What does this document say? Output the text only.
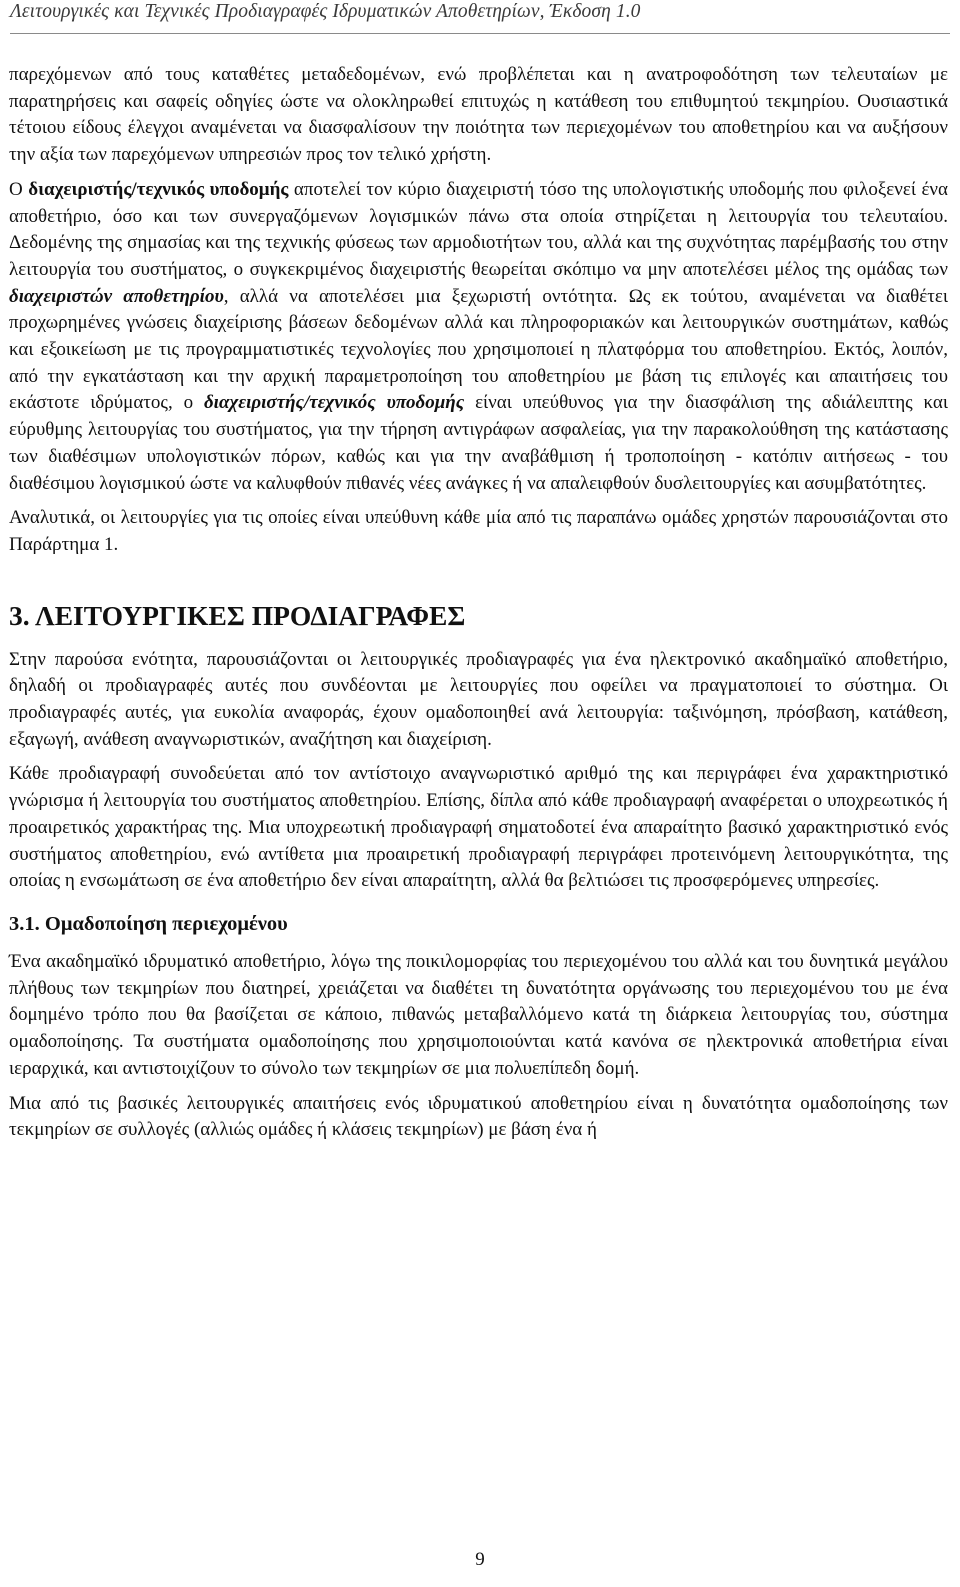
Λειτουργικές και Τεχνικές Προδιαγραφές Ιδρυματικών Αποθετηρίων, Έκδοση 1.0

παρεχόμενων από τους καταθέτες μεταδεδομένων, ενώ προβλέπεται και η ανατροφοδότηση των τελευταίων με παρατηρήσεις και σαφείς οδηγίες ώστε να ολοκληρωθεί επιτυχώς η κατάθεση του επιθυμητού τεκμηρίου. Ουσιαστικά τέτοιου είδους έλεγχοι αναμένεται να διασφαλίσουν την ποιότητα των περιεχομένων του αποθετηρίου και να αυξήσουν την αξία των παρεχόμενων υπηρεσιών προς τον τελικό χρήστη.

Ο διαχειριστής/τεχνικός υποδομής αποτελεί τον κύριο διαχειριστή τόσο της υπολογιστικής υποδομής που φιλοξενεί ένα αποθετήριο, όσο και των συνεργαζόμενων λογισμικών πάνω στα οποία στηρίζεται η λειτουργία του τελευταίου. Δεδομένης της σημασίας και της τεχνικής φύσεως των αρμοδιοτήτων του, αλλά και της συχνότητας παρέμβασής του στην λειτουργία του συστήματος, ο συγκεκριμένος διαχειριστής θεωρείται σκόπιμο να μην αποτελέσει μέλος της ομάδας των διαχειριστών αποθετηρίου, αλλά να αποτελέσει μια ξεχωριστή οντότητα. Ως εκ τούτου, αναμένεται να διαθέτει προχωρημένες γνώσεις διαχείρισης βάσεων δεδομένων αλλά και πληροφοριακών και λειτουργικών συστημάτων, καθώς και εξοικείωση με τις προγραμματιστικές τεχνολογίες που χρησιμοποιεί η πλατφόρμα του αποθετηρίου. Εκτός, λοιπόν, από την εγκατάσταση και την αρχική παραμετροποίηση του αποθετηρίου με βάση τις επιλογές και απαιτήσεις του εκάστοτε ιδρύματος, ο διαχειριστής/τεχνικός υποδομής είναι υπεύθυνος για την διασφάλιση της αδιάλειπτης και εύρυθμης λειτουργίας του συστήματος, για την τήρηση αντιγράφων ασφαλείας, για την παρακολούθηση της κατάστασης των διαθέσιμων υπολογιστικών πόρων, καθώς και για την αναβάθμιση ή τροποποίηση - κατόπιν αιτήσεως - του διαθέσιμου λογισμικού ώστε να καλυφθούν πιθανές νέες ανάγκες ή να απαλειφθούν δυσλειτουργίες και ασυμβατότητες.

Αναλυτικά, οι λειτουργίες για τις οποίες είναι υπεύθυνη κάθε μία από τις παραπάνω ομάδες χρηστών παρουσιάζονται στο Παράρτημα 1.

3. ΛΕΙΤΟΥΡΓΙΚΕΣ ΠΡΟΔΙΑΓΡΑΦΕΣ

Στην παρούσα ενότητα, παρουσιάζονται οι λειτουργικές προδιαγραφές για ένα ηλεκτρονικό ακαδημαϊκό αποθετήριο, δηλαδή οι προδιαγραφές αυτές που συνδέονται με λειτουργίες που οφείλει να πραγματοποιεί το σύστημα. Οι προδιαγραφές αυτές, για ευκολία αναφοράς, έχουν ομαδοποιηθεί ανά λειτουργία: ταξινόμηση, πρόσβαση, κατάθεση, εξαγωγή, ανάθεση αναγνωριστικών, αναζήτηση και διαχείριση.

Κάθε προδιαγραφή συνοδεύεται από τον αντίστοιχο αναγνωριστικό αριθμό της και περιγράφει ένα χαρακτηριστικό γνώρισμα ή λειτουργία του συστήματος αποθετηρίου. Επίσης, δίπλα από κάθε προδιαγραφή αναφέρεται ο υποχρεωτικός ή προαιρετικός χαρακτήρας της. Μια υποχρεωτική προδιαγραφή σηματοδοτεί ένα απαραίτητο βασικό χαρακτηριστικό ενός συστήματος αποθετηρίου, ενώ αντίθετα μια προαιρετική προδιαγραφή περιγράφει προτεινόμενη λειτουργικότητα, της οποίας η ενσωμάτωση σε ένα αποθετήριο δεν είναι απαραίτητη, αλλά θα βελτιώσει τις προσφερόμενες υπηρεσίες.

3.1. Ομαδοποίηση περιεχομένου

Ένα ακαδημαϊκό ιδρυματικό αποθετήριο, λόγω της ποικιλομορφίας του περιεχομένου του αλλά και του δυνητικά μεγάλου πλήθους των τεκμηρίων που διατηρεί, χρειάζεται να διαθέτει τη δυνατότητα οργάνωσης του περιεχομένου του με ένα δομημένο τρόπο που θα βασίζεται σε κάποιο, πιθανώς μεταβαλλόμενο κατά τη διάρκεια λειτουργίας του, σύστημα ομαδοποίησης. Τα συστήματα ομαδοποίησης που χρησιμοποιούνται κατά κανόνα σε ηλεκτρονικά αποθετήρια είναι ιεραρχικά, και αντιστοιχίζουν το σύνολο των τεκμηρίων σε μια πολυεπίπεδη δομή.

Μια από τις βασικές λειτουργικές απαιτήσεις ενός ιδρυματικού αποθετηρίου είναι η δυνατότητα ομαδοποίησης των τεκμηρίων σε συλλογές (αλλιώς ομάδες ή κλάσεις τεκμηρίων) με βάση ένα ή

9
